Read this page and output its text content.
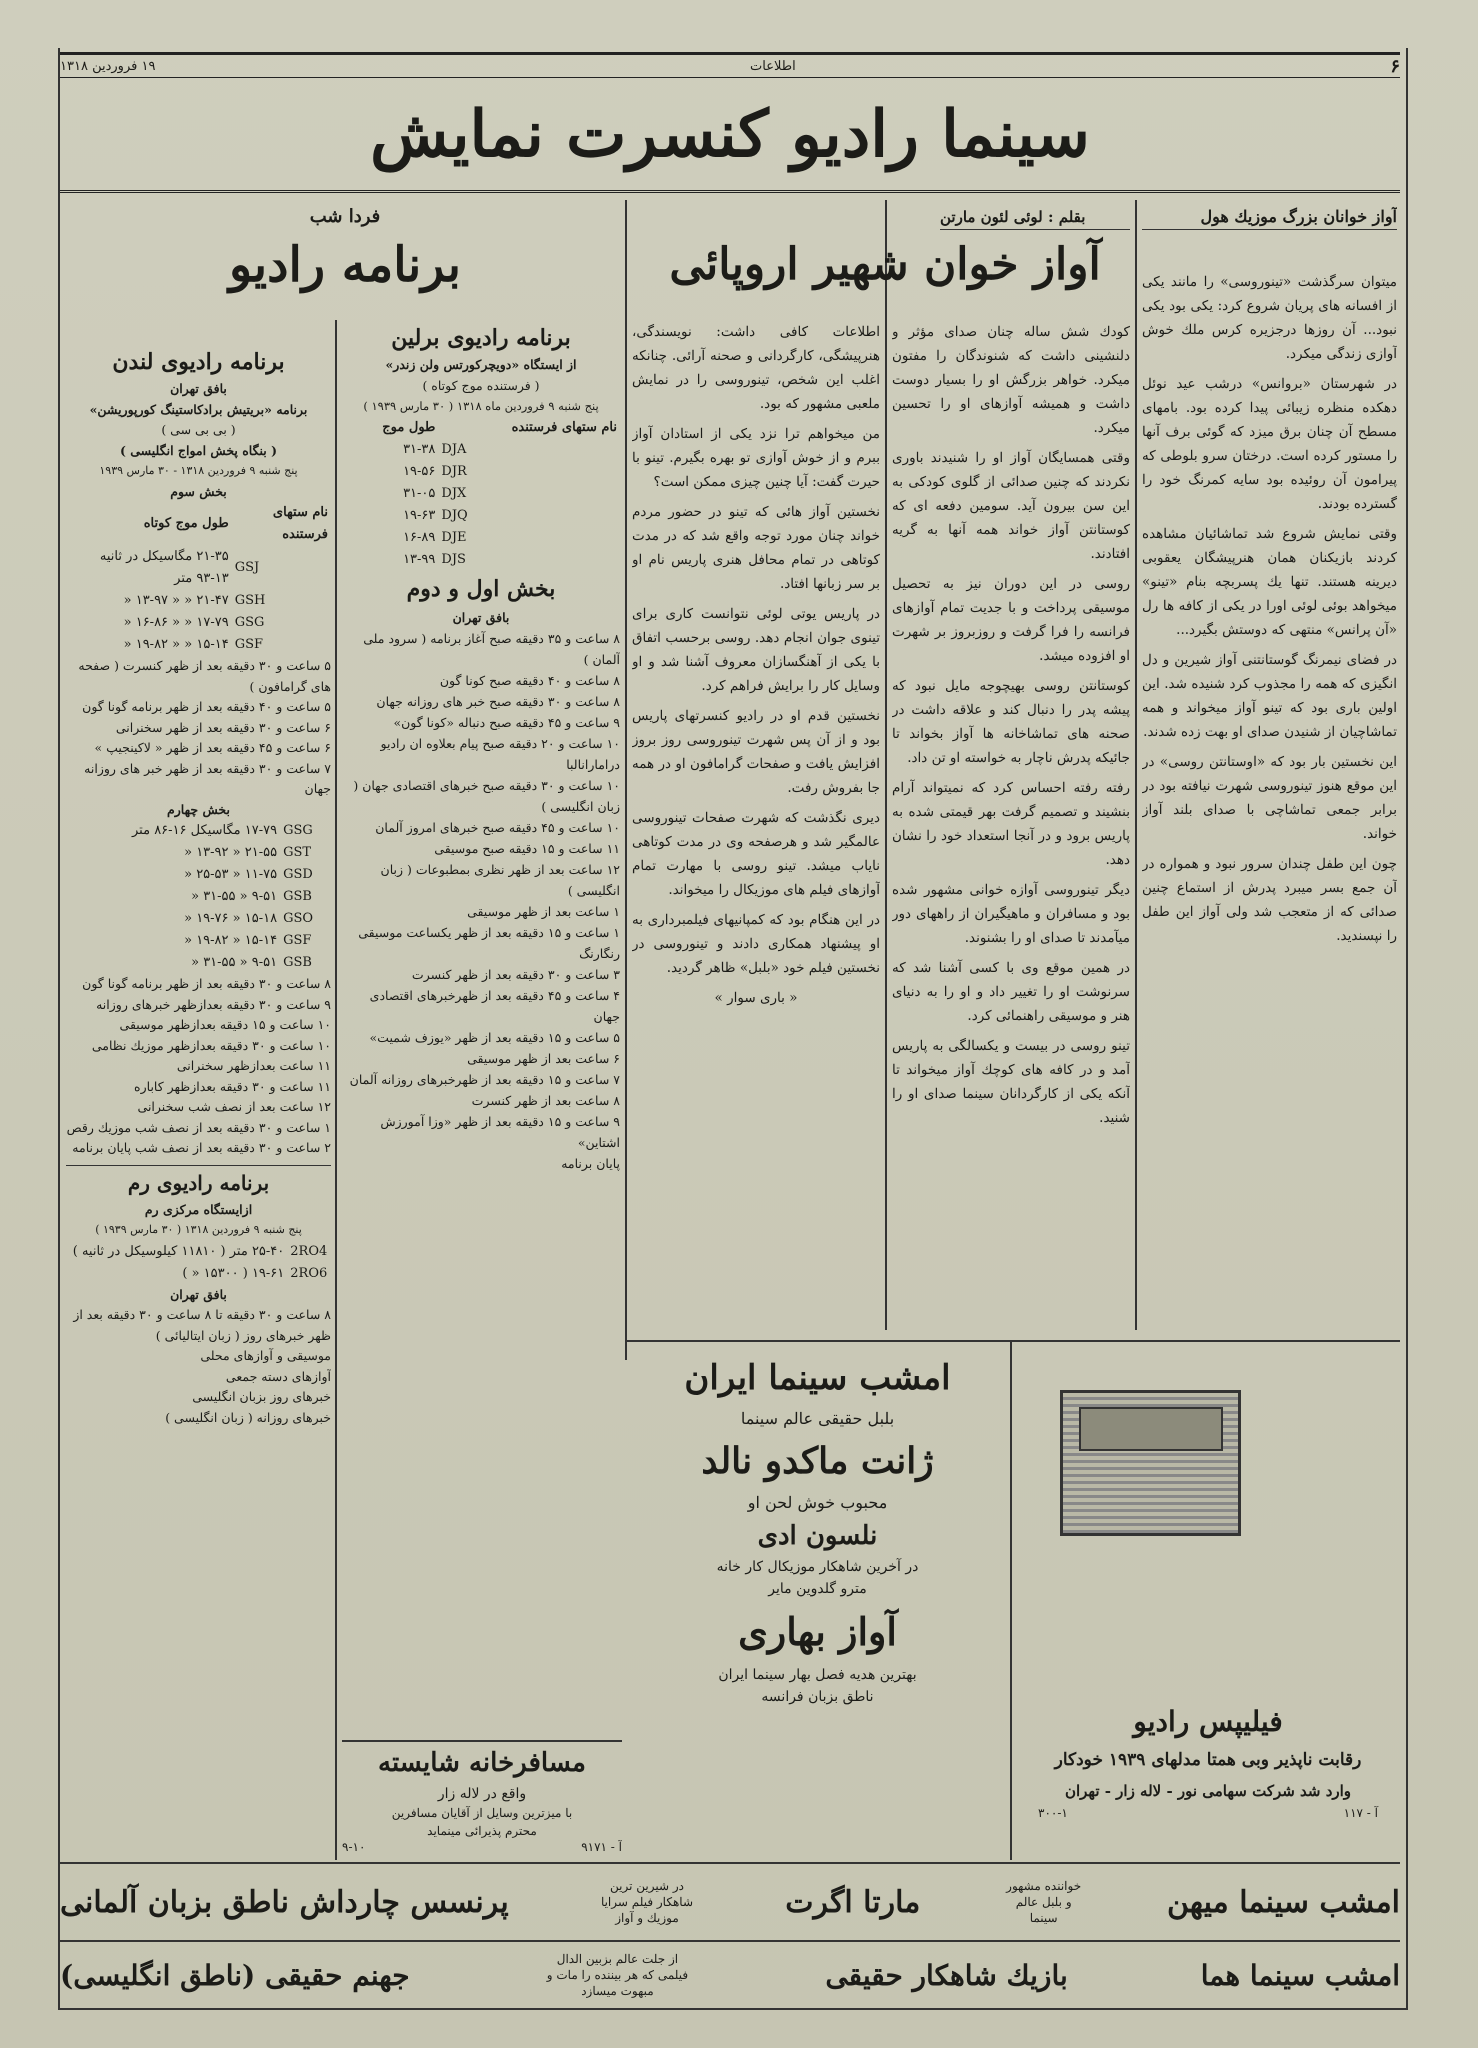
۶
اطلاعات
۱۹ فروردین ۱۳۱۸
سینما رادیو کنسرت نمایش
آواز خوانان بزرگ موزیك هول

میتوان سرگذشت «تینوروسی» را مانند یکی از افسانه های پریان شروع کرد: یکی بود یکی نبود... آن روزها درجزیره کرس ملك خوش آوازی زندگی میکرد.

در شهرستان «بروانس» درشب عید نوئل دهکده منظره زیبائی پیدا کرده بود. بامهای مسطح آن چنان برق میزد که گوئی برف آنها را مستور کرده است. درختان سرو بلوطی که پیرامون آن روئیده بود سایه کمرنگ خود را گسترده بودند.

وقتی نمایش شروع شد تماشائیان مشاهده کردند بازیکنان همان هنرپیشگان یعقوبی دیرینه هستند. تنها یك پسربچه بنام «تینو» میخواهد بوئی لوئی اورا در یکی از کافه ها رل «آن پرانس» منتهی که دوستش بگیرد...

در فضای نیمرنگ گوستانتنی آواز شیرین و دل انگیزی که همه را مجذوب کرد شنیده شد. این اولین باری بود که تینو آواز میخواند و همه تماشاچیان از شنیدن صدای او بهت زده شدند.

این نخستین بار بود که «اوستانتن روسی» در این موقع هنوز تینوروسی شهرت نیافته بود در برابر جمعی تماشاچی با صدای بلند آواز خواند.

چون این طفل چندان سرور نبود و همواره در آن جمع بسر میبرد پدرش از استماع چنین صدائی که از متعجب شد ولی آواز این طفل را نپسندید.

بقلم : لوئی لئون مارتن
آواز خوان شهیر اروپائی

کودك شش ساله چنان صدای مؤثر و دلنشینی داشت که شنوندگان را مفتون میکرد. خواهر بزرگش او را بسیار دوست داشت و همیشه آوازهای او را تحسین میکرد.

وقتی همسایگان آواز او را شنیدند باوری نکردند که چنین صدائی از گلوی کودکی به این سن بیرون آید. سومین دفعه ای که کوستانتن آواز خواند همه آنها به گریه افتادند.

روسی در این دوران نیز به تحصیل موسیقی پرداخت و با جدیت تمام آوازهای فرانسه را فرا گرفت و روزبروز بر شهرت او افزوده میشد.

کوستانتن روسی بهیچوجه مایل نبود که پیشه پدر را دنبال کند و علاقه داشت در صحنه های تماشاخانه ها آواز بخواند تا جائیکه پدرش ناچار به خواسته او تن داد.

رفته رفته احساس کرد که نمیتواند آرام بنشیند و تصمیم گرفت بهر قیمتی شده به پاریس برود و در آنجا استعداد خود را نشان دهد.

دیگر تینوروسی آوازه خوانی مشهور شده بود و مسافران و ماهیگیران از راههای دور میآمدند تا صدای او را بشنوند.

در همین موقع وی با کسی آشنا شد که سرنوشت او را تغییر داد و او را به دنیای هنر و موسیقی راهنمائی کرد.

تینو روسی در بیست و یکسالگی به پاریس آمد و در کافه های کوچك آواز میخواند تا آنکه یکی از کارگردانان سینما صدای او را شنید.

اطلاعات کافی داشت: نویسندگی، هنرپیشگی، کارگردانی و صحنه آرائی. چنانکه اغلب این شخص، تینوروسی را در نمایش ملعبی مشهور که بود.

من میخواهم ترا نزد یکی از استادان آواز ببرم و از خوش آوازی تو بهره بگیرم. تینو با حیرت گفت: آیا چنین چیزی ممکن است؟

نخستین آواز هائی که تینو در حضور مردم خواند چنان مورد توجه واقع شد که در مدت کوتاهی در تمام محافل هنری پاریس نام او بر سر زبانها افتاد.

در پاریس یوتی لوئی نتوانست کاری برای تینوی جوان انجام دهد. روسی برحسب اتفاق با یکی از آهنگسازان معروف آشنا شد و او وسایل کار را برایش فراهم کرد.

نخستین قدم او در رادیو کنسرتهای پاریس بود و از آن پس شهرت تینوروسی روز بروز افزایش یافت و صفحات گرامافون او در همه جا بفروش رفت.

دیری نگذشت که شهرت صفحات تینوروسی عالمگیر شد و هرصفحه وی در مدت کوتاهی نایاب میشد. تینو روسی با مهارت تمام آوازهای فیلم های موزیکال را میخواند.

در این هنگام بود که کمپانیهای فیلمبرداری به او پیشنهاد همکاری دادند و تینوروسی در نخستین فیلم خود «بلبل» ظاهر گردید.

« باری سوار »

فردا شب
برنامه رادیو
برنامه رادیوی برلین
از ایستگاه «دویچرکورتس ولن زندر»
( فرستنده موج کوتاه )
پنج شنبه ۹ فروردین ماه ۱۳۱۸ ( ۳۰ مارس ۱۹۳۹ )
نام ستهای فرستنده	طول موج
DJA	۳۱-۳۸
DJR	۱۹-۵۶
DJX	۳۱-۰۵
DJQ	۱۹-۶۳
DJE	۱۶-۸۹
DJS	۱۳-۹۹
بخش اول و دوم
بافق تهران
۸ ساعت و ۳۵ دقیقه صبح آغاز برنامه ( سرود ملی آلمان )
۸ ساعت و ۴۰ دقیقه صبح کونا گون
۸ ساعت و ۳۰ دقیقه صبح خبر های روزانه جهان
۹ ساعت و ۴۵ دقیقه صبح دنباله «کونا گون»
۱۰ ساعت و ۲۰ دقیقه صبح پیام بعلاوه ان رادیو درامارانالبا
۱۰ ساعت و ۳۰ دقیقه صبح خبرهای اقتصادی جهان ( زبان انگلیسی )
۱۰ ساعت و ۴۵ دقیقه صبح خبرهای امروز آلمان
۱۱ ساعت و ۱۵ دقیقه صبح موسیقی
۱۲ ساعت بعد از ظهر نظری بمطبوعات ( زبان انگلیسی )
۱ ساعت بعد از ظهر موسیقی
۱ ساعت و ۱۵ دقیقه بعد از ظهر یکساعت موسیقی رنگارنگ
۳ ساعت و ۳۰ دقیقه بعد از ظهر کنسرت
۴ ساعت و ۴۵ دقیقه بعد از ظهرخبرهای اقتصادی جهان
۵ ساعت و ۱۵ دقیقه بعد از ظهر «یوزف شمیت»
۶ ساعت بعد از ظهر موسیقی
۷ ساعت و ۱۵ دقیقه بعد از ظهرخبرهای روزانه آلمان
۸ ساعت بعد از ظهر کنسرت
۹ ساعت و ۱۵ دقیقه بعد از ظهر «وزا آمورزش اشتاین»
پایان برنامه
برنامه رادیوی لندن
بافق تهران
برنامه «بریتیش برادکاستینگ کورپوریشن»
( بی بی سی )
( بنگاه پخش امواج انگلیسی )
پنج شنبه ۹ فروردین ۱۳۱۸ - ۳۰ مارس ۱۹۳۹
بخش سوم
نام ستهای فرستنده	طول موج کوتاه
GSJ	۲۱-۳۵ مگاسیکل در ثانیه ۱۳-۹۳ متر
GSH	۲۱-۴۷ « « ۱۳-۹۷ «
GSG	۱۷-۷۹ « « ۱۶-۸۶ «
GSF	۱۵-۱۴ « « ۱۹-۸۲ «
۵ ساعت و ۳۰ دقیقه بعد از ظهر کنسرت ( صفحه های گرامافون )
۵ ساعت و ۴۰ دقیقه بعد از ظهر برنامه گونا گون
۶ ساعت و ۳۰ دقیقه بعد از ظهر سخنرانی
۶ ساعت و ۴۵ دقیقه بعد از ظهر « لاکینجیپ »
۷ ساعت و ۳۰ دقیقه بعد از ظهر خبر های روزانه جهان
بخش چهارم
GSG	۱۷-۷۹ مگاسیکل ۱۶-۸۶ متر
GST	۲۱-۵۵ « ۱۳-۹۲ «
GSD	۱۱-۷۵ « ۲۵-۵۳ «
GSB	۹-۵۱ « ۳۱-۵۵ «
GSO	۱۵-۱۸ « ۱۹-۷۶ «
GSF	۱۵-۱۴ « ۱۹-۸۲ «
GSB	۹-۵۱ « ۳۱-۵۵ «
۸ ساعت و ۳۰ دقیقه بعد از ظهر برنامه گونا گون
۹ ساعت و ۳۰ دقیقه بعدازظهر خبرهای روزانه
۱۰ ساعت و ۱۵ دقیقه بعدازظهر موسیقی
۱۰ ساعت و ۳۰ دقیقه بعدازظهر موزیك نظامی
۱۱ ساعت بعدازظهر سخنرانی
۱۱ ساعت و ۳۰ دقیقه بعدازظهر کاباره
۱۲ ساعت بعد از نصف شب سخنرانی
۱ ساعت و ۳۰ دقیقه بعد از نصف شب موزیك رقص
۲ ساعت و ۳۰ دقیقه بعد از نصف شب پایان برنامه
برنامه رادیوی رم
ازایستگاه مرکزی رم
پنج شنبه ۹ فروردین ۱۳۱۸ ( ۳۰ مارس ۱۹۳۹ )
2RO4	۲۵-۴۰ متر ( ۱۱۸۱۰ کیلوسیکل در ثانیه )
2RO6	۱۹-۶۱ ( ۱۵۳۰۰ « )
بافق تهران
۸ ساعت و ۳۰ دقیقه تا ۸ ساعت و ۳۰ دقیقه بعد از ظهر خبرهای روز ( زبان ایتالیائی )
موسیقی و آوازهای محلی
آوازهای دسته جمعی
خبرهای روز بزبان انگلیسی
خبرهای روزانه ( زبان انگلیسی )
مسافرخانه شایسته
واقع در لاله زار
با میزترین وسایل از آقایان مسافرین
محترم پذیرائی مینماید
آ - ۹۱۷۱
۹-۱۰
امشب سینما ایران
بلبل حقیقی عالم سینما
ژانت ماکدو نالد
محبوب خوش لحن او
نلسون ادی
در آخرین شاهکار موزیکال کار خانه
مترو گلدوین مایر
آواز بهاری
بهترین هدیه فصل بهار سینما ایران
ناطق بزبان فرانسه
فیلیپس رادیو
رقابت ناپذیر وبی همتا مدلهای ۱۹۳۹ خودکار
وارد شد شرکت سهامی نور - لاله زار - تهران
آ - ۱۱۷
۳۰۰-۱
امشب سینما میهن
خواننده مشهور و بلبل عالم سینما
مارتا اگرت
در شیرین ترین شاهکار فیلم سرایا موزیك و آواز
پرنسس چارداش ناطق بزبان آلمانی
امشب سینما هما
بازیك شاهكار حقیقی
از جلت عالم بزبین الدال فیلمی که هر بیننده را مات و مبهوت میسازد
جهنم حقیقی (ناطق انگلیسی)
